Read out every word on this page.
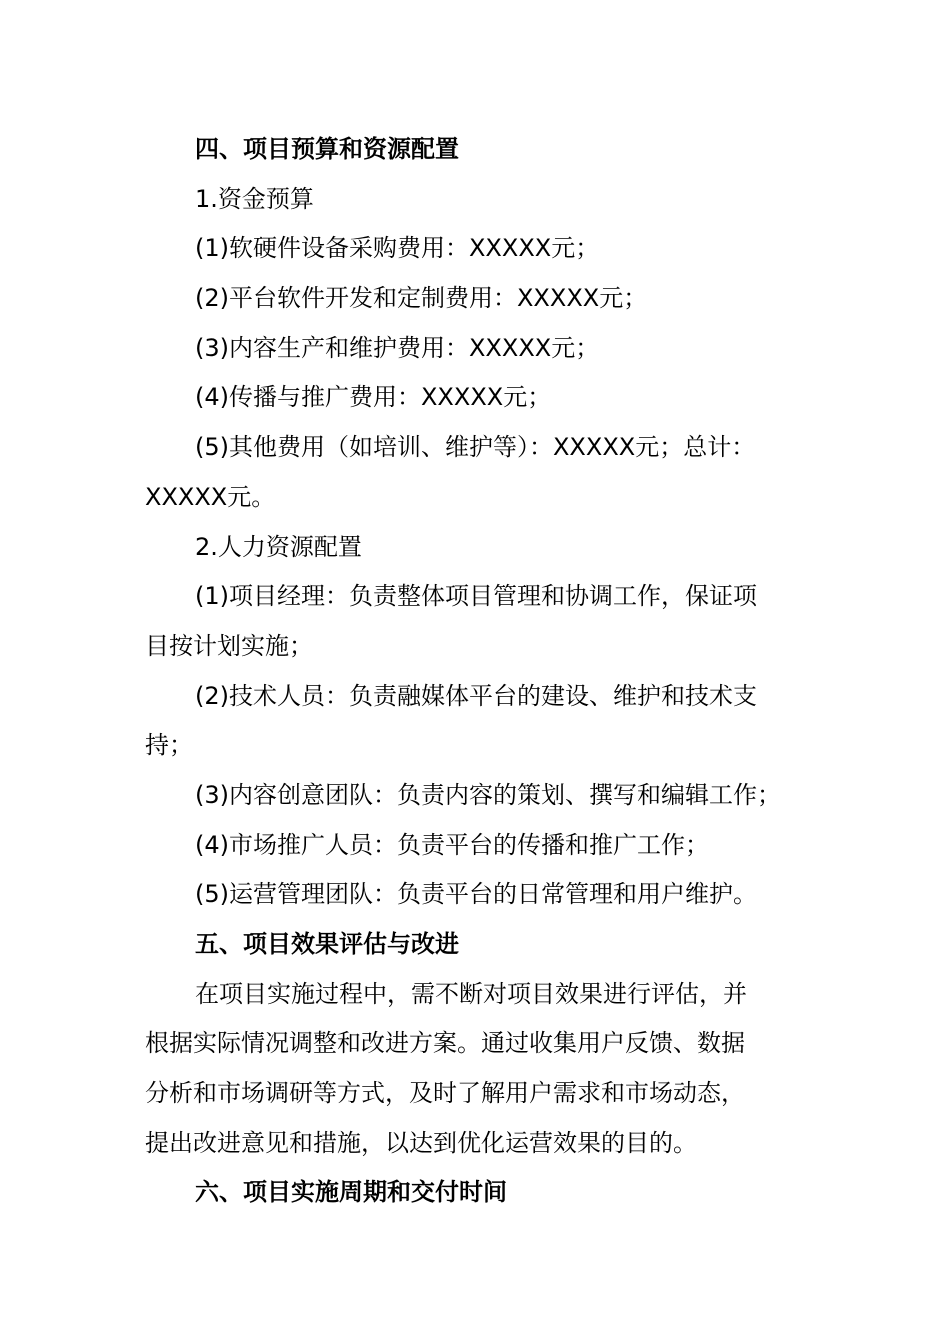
四、项目预算和资源配置
1.资金预算
(1)软硬件设备采购费用：XXXXX元；
(2)平台软件开发和定制费用：XXXXX元；
(3)内容生产和维护费用：XXXXX元；
(4)传播与推广费用：XXXXX元；
(5)其他费用（如培训、维护等）：XXXXX元；总计：
XXXXX元。
2.人力资源配置
(1)项目经理：负责整体项目管理和协调工作，保证项
目按计划实施；
(2)技术人员：负责融媒体平台的建设、维护和技术支
持；
(3)内容创意团队：负责内容的策划、撰写和编辑工作；
(4)市场推广人员：负责平台的传播和推广工作；
(5)运营管理团队：负责平台的日常管理和用户维护。
五、项目效果评估与改进
在项目实施过程中，需不断对项目效果进行评估，并
根据实际情况调整和改进方案。通过收集用户反馈、数据
分析和市场调研等方式，及时了解用户需求和市场动态，
提出改进意见和措施，以达到优化运营效果的目的。
六、项目实施周期和交付时间
